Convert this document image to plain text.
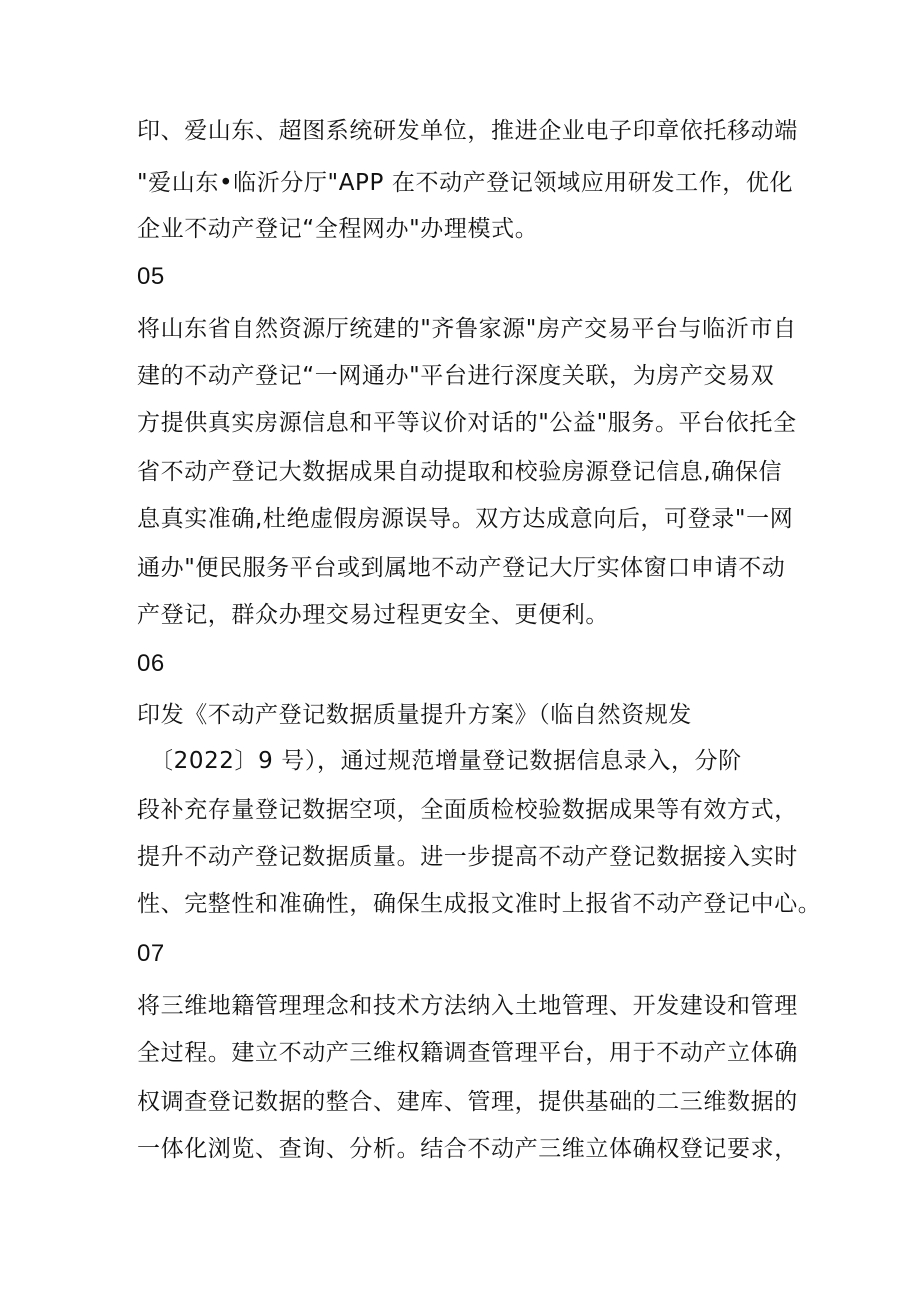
印、爱山东、超图系统研发单位，推进企业电子印章依托移动端
"爱山东•临沂分厅"APP 在不动产登记领域应用研发工作，优化
企业不动产登记“全程网办"办理模式。
05
将山东省自然资源厅统建的"齐鲁家源"房产交易平台与临沂市自
建的不动产登记“一网通办"平台进行深度关联，为房产交易双
方提供真实房源信息和平等议价对话的"公益"服务。平台依托全
省不动产登记大数据成果自动提取和校验房源登记信息,确保信
息真实准确,杜绝虚假房源误导。双方达成意向后，可登录"一网
通办"便民服务平台或到属地不动产登记大厅实体窗口申请不动
产登记，群众办理交易过程更安全、更便利。
06
印发《不动产登记数据质量提升方案》（临自然资规发
〔2022〕9 号），通过规范增量登记数据信息录入，分阶
段补充存量登记数据空项，全面质检校验数据成果等有效方式，
提升不动产登记数据质量。进一步提高不动产登记数据接入实时
性、完整性和准确性，确保生成报文准时上报省不动产登记中心。
07
将三维地籍管理理念和技术方法纳入土地管理、开发建设和管理
全过程。建立不动产三维权籍调查管理平台，用于不动产立体确
权调查登记数据的整合、建库、管理，提供基础的二三维数据的
一体化浏览、查询、分析。结合不动产三维立体确权登记要求，
